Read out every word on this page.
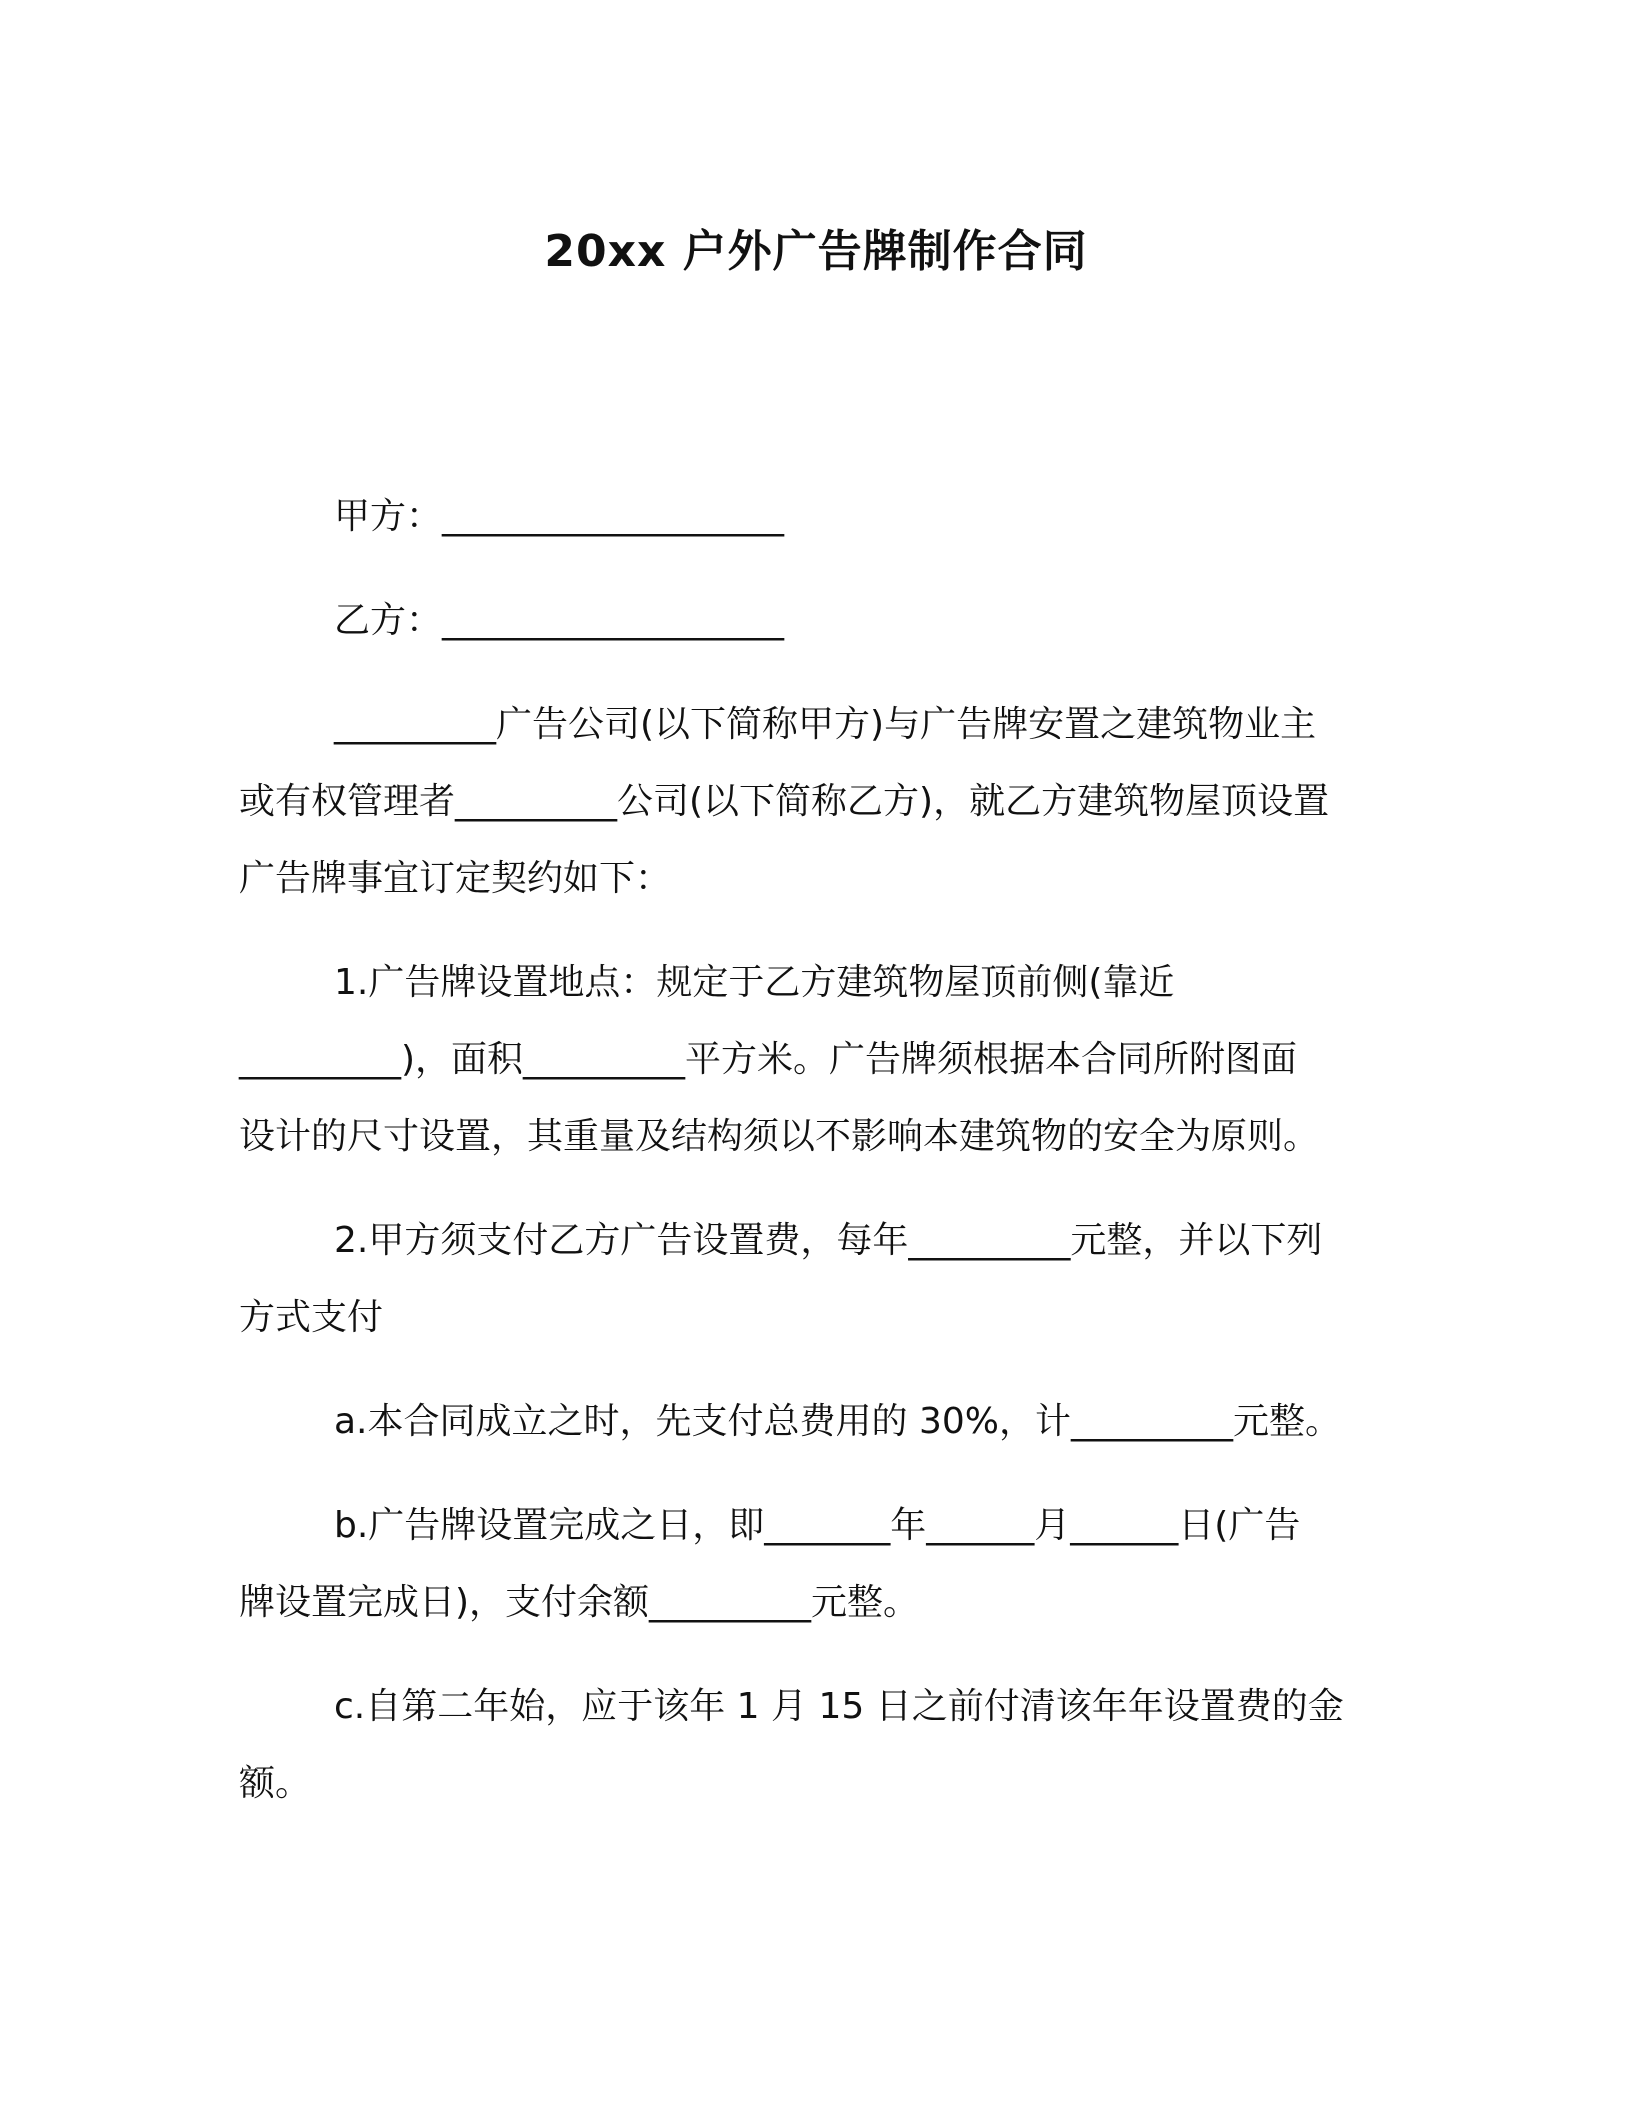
20xx 户外广告牌制作合同
甲方：___________________
乙方：___________________
_________广告公司(以下简称甲方)与广告牌安置之建筑物业主
或有权管理者_________公司(以下简称乙方)，就乙方建筑物屋顶设置
广告牌事宜订定契约如下：
1.广告牌设置地点：规定于乙方建筑物屋顶前侧(靠近
_________)，面积_________平方米。广告牌须根据本合同所附图面
设计的尺寸设置，其重量及结构须以不影响本建筑物的安全为原则。
2.甲方须支付乙方广告设置费，每年_________元整，并以下列
方式支付
a.本合同成立之时，先支付总费用的 30%，计_________元整。
b.广告牌设置完成之日，即_______年______月______日(广告
牌设置完成日)，支付余额_________元整。
c.自第二年始，应于该年 1 月 15 日之前付清该年年设置费的金
额。
